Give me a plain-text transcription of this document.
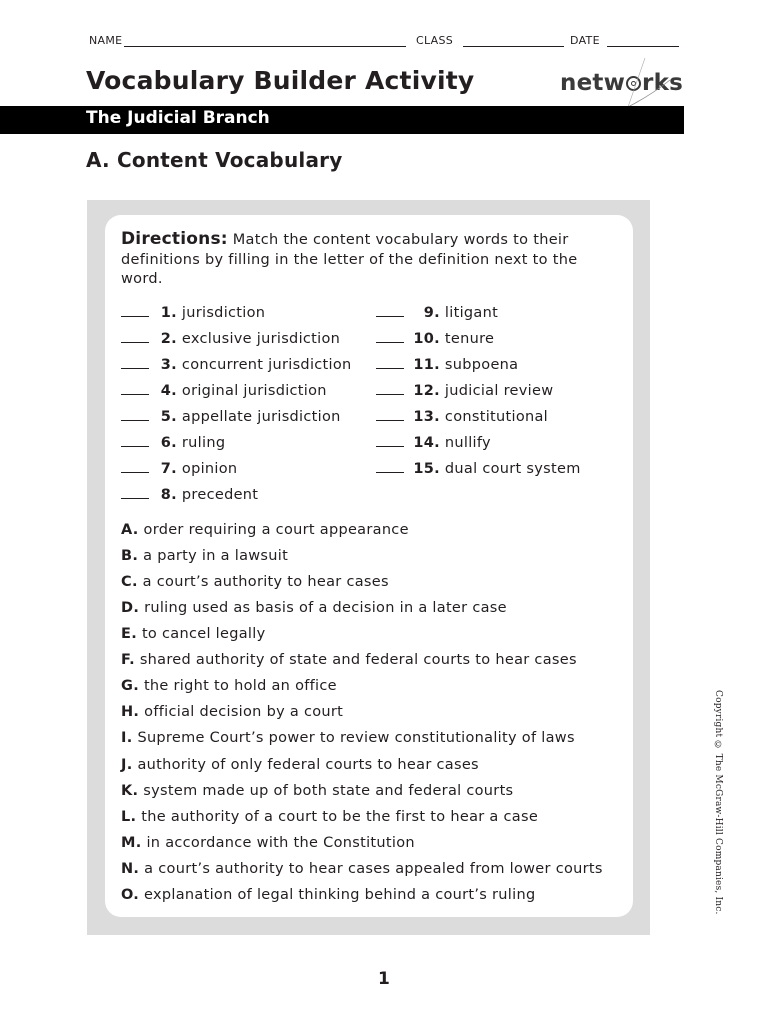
NAME	CLASS	DATE
Vocabulary Builder Activity	netw rks
The Judicial Branch
A. Content Vocabulary
Directions: Match the content vocabulary words to their definitions by filling in the letter of the definition next to the word.
1. jurisdiction
2. exclusive jurisdiction
3. concurrent jurisdiction
4. original jurisdiction
5. appellate jurisdiction
6. ruling
7. opinion
8. precedent
9. litigant
10. tenure
11. subpoena
12. judicial review
13. constitutional
14. nullify
15. dual court system
A. order requiring a court appearance
B. a party in a lawsuit
C. a court’s authority to hear cases
D. ruling used as basis of a decision in a later case
E. to cancel legally
F. shared authority of state and federal courts to hear cases
G. the right to hold an office
H. official decision by a court
I. Supreme Court’s power to review constitutionality of laws
J. authority of only federal courts to hear cases
K. system made up of both state and federal courts
L. the authority of a court to be the first to hear a case
M. in accordance with the Constitution
N. a court’s authority to hear cases appealed from lower courts
O. explanation of legal thinking behind a court’s ruling	Copyright © The McGraw-Hill Companies, Inc.
1
